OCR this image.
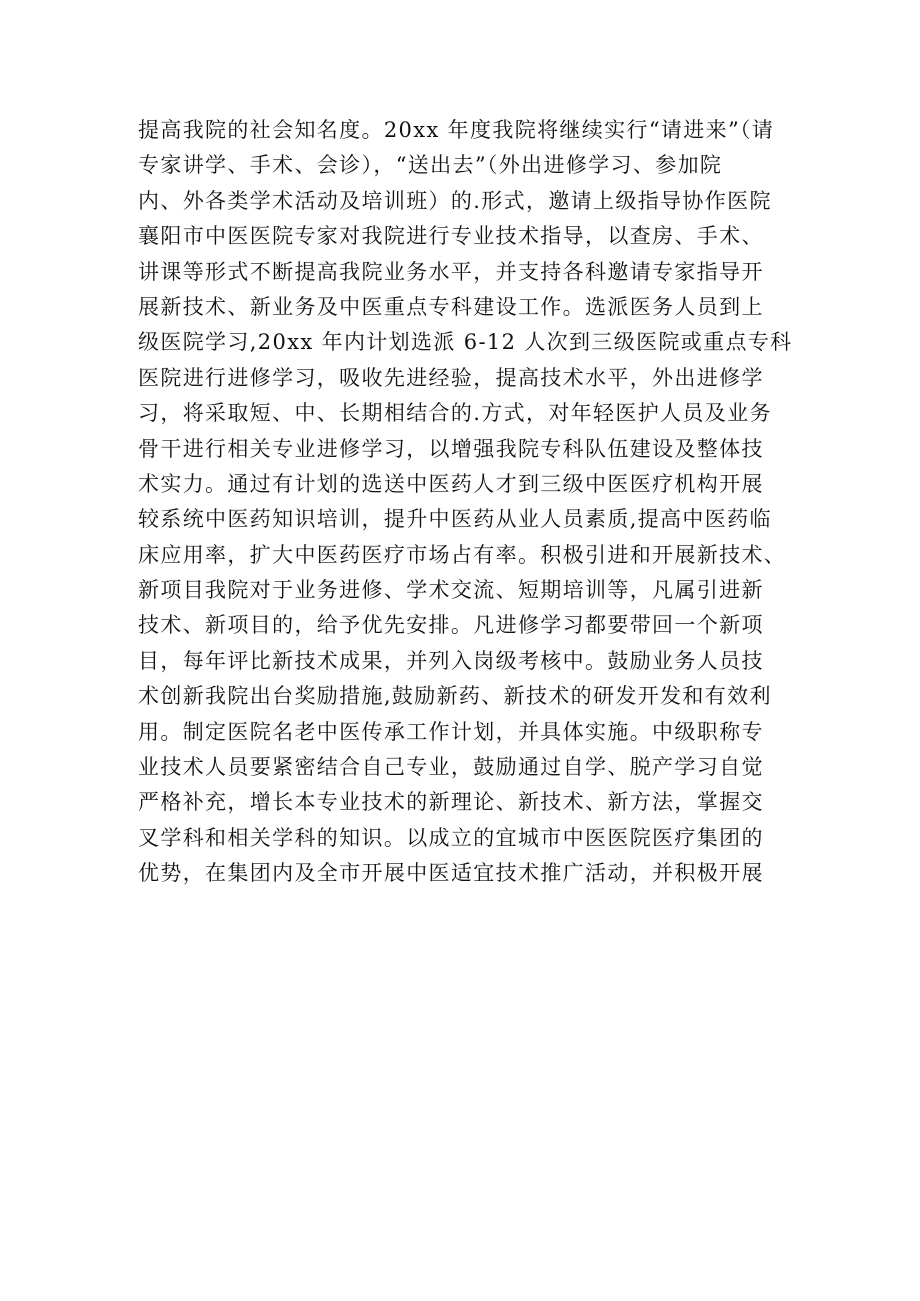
提高我院的社会知名度。20xx 年度我院将继续实行“请进来”（请
专家讲学、手术、会诊），“送出去”（外出进修学习、参加院
内、外各类学术活动及培训班）的.形式，邀请上级指导协作医院
襄阳市中医医院专家对我院进行专业技术指导，以查房、手术、
讲课等形式不断提高我院业务水平，并支持各科邀请专家指导开
展新技术、新业务及中医重点专科建设工作。选派医务人员到上
级医院学习,20xx 年内计划选派 6-12 人次到三级医院或重点专科
医院进行进修学习，吸收先进经验，提高技术水平，外出进修学
习，将采取短、中、长期相结合的.方式，对年轻医护人员及业务
骨干进行相关专业进修学习，以增强我院专科队伍建设及整体技
术实力。通过有计划的选送中医药人才到三级中医医疗机构开展
较系统中医药知识培训，提升中医药从业人员素质,提高中医药临
床应用率，扩大中医药医疗市场占有率。积极引进和开展新技术、
新项目我院对于业务进修、学术交流、短期培训等，凡属引进新
技术、新项目的，给予优先安排。凡进修学习都要带回一个新项
目，每年评比新技术成果，并列入岗级考核中。鼓励业务人员技
术创新我院出台奖励措施,鼓励新药、新技术的研发开发和有效利
用。制定医院名老中医传承工作计划，并具体实施。中级职称专
业技术人员要紧密结合自己专业，鼓励通过自学、脱产学习自觉
严格补充，增长本专业技术的新理论、新技术、新方法，掌握交
叉学科和相关学科的知识。以成立的宜城市中医医院医疗集团的
优势，在集团内及全市开展中医适宜技术推广活动，并积极开展
